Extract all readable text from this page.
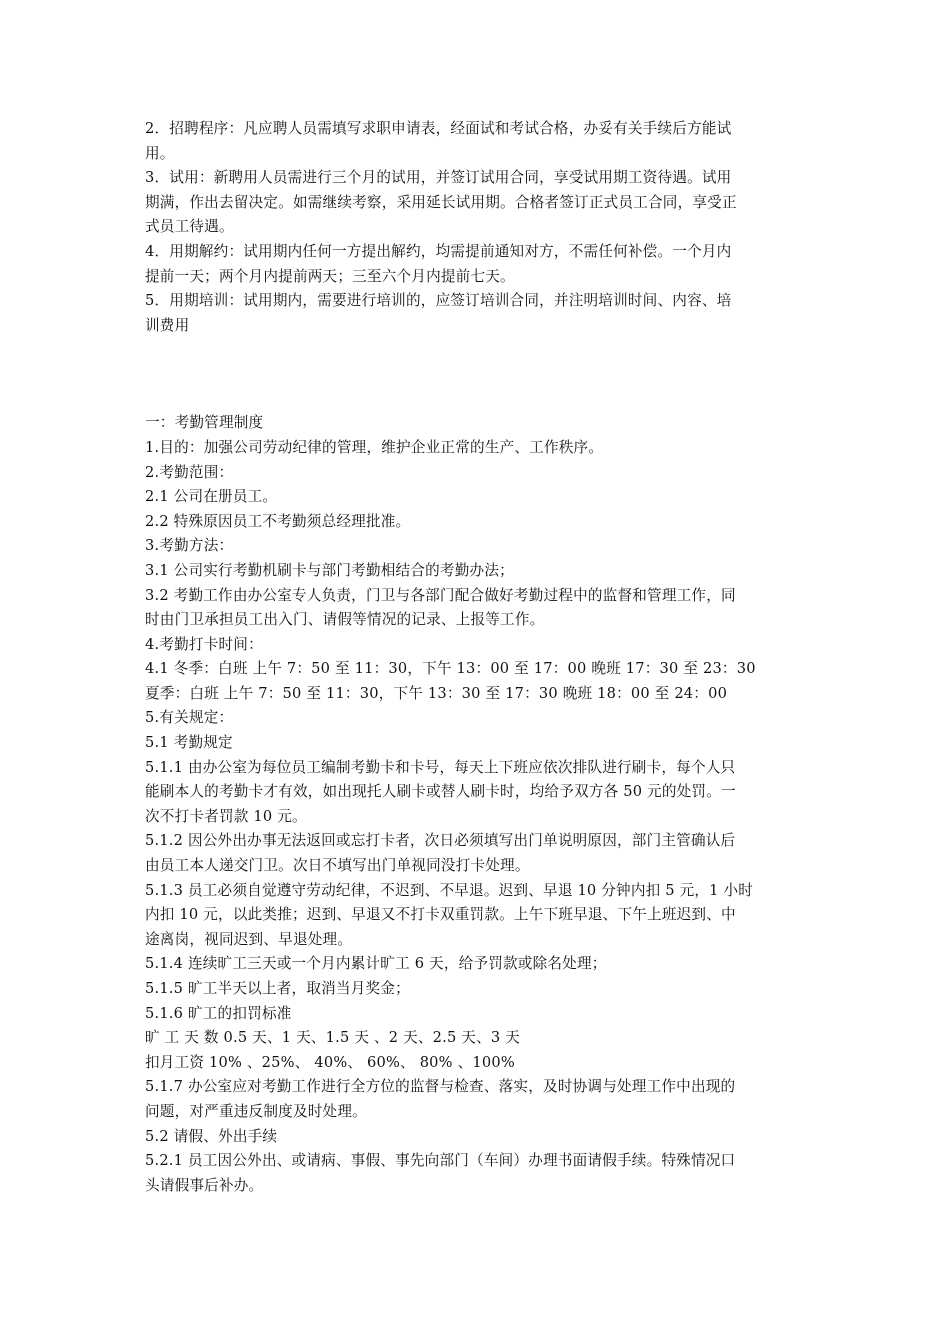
2．招聘程序：凡应聘人员需填写求职申请表，经面试和考试合格，办妥有关手续后方能试

用。

3．试用：新聘用人员需进行三个月的试用，并签订试用合同，享受试用期工资待遇。试用

期满，作出去留决定。如需继续考察，采用延长试用期。合格者签订正式员工合同，享受正

式员工待遇。

4．用期解约：试用期内任何一方提出解约，均需提前通知对方，不需任何补偿。一个月内

提前一天；两个月内提前两天；三至六个月内提前七天。

5．用期培训：试用期内，需要进行培训的，应签订培训合同，并注明培训时间、内容、培

训费用

一：考勤管理制度

1.目的：加强公司劳动纪律的管理，维护企业正常的生产、工作秩序。

2.考勤范围：

2.1 公司在册员工。

2.2 特殊原因员工不考勤须总经理批准。

3.考勤方法：

3.1 公司实行考勤机刷卡与部门考勤相结合的考勤办法；

3.2 考勤工作由办公室专人负责，门卫与各部门配合做好考勤过程中的监督和管理工作，同

时由门卫承担员工出入门、请假等情况的记录、上报等工作。

4.考勤打卡时间：

4.1 冬季：白班 上午 7：50 至 11：30，下午 13：00 至 17：00 晚班 17：30 至 23：30

夏季：白班 上午 7：50 至 11：30，下午 13：30 至 17：30 晚班 18：00 至 24：00

5.有关规定：

5.1 考勤规定

5.1.1 由办公室为每位员工编制考勤卡和卡号，每天上下班应依次排队进行刷卡，每个人只

能刷本人的考勤卡才有效，如出现托人刷卡或替人刷卡时，均给予双方各 50 元的处罚。一

次不打卡者罚款 10 元。

5.1.2 因公外出办事无法返回或忘打卡者，次日必须填写出门单说明原因，部门主管确认后

由员工本人递交门卫。次日不填写出门单视同没打卡处理。

5.1.3 员工必须自觉遵守劳动纪律，不迟到、不早退。迟到、早退 10 分钟内扣 5 元，1 小时

内扣 10 元，以此类推；迟到、早退又不打卡双重罚款。上午下班早退、下午上班迟到、中

途离岗，视同迟到、早退处理。

5.1.4 连续旷工三天或一个月内累计旷工 6 天，给予罚款或除名处理；

5.1.5 旷工半天以上者，取消当月奖金；

5.1.6 旷工的扣罚标准

旷 工 天 数 0.5 天、1 天、1.5 天 、2 天、2.5 天、3 天

扣月工资 10% 、25%、 40%、 60%、 80% 、100%

5.1.7 办公室应对考勤工作进行全方位的监督与检查、落实，及时协调与处理工作中出现的

问题，对严重违反制度及时处理。

5.2 请假、外出手续

5.2.1 员工因公外出、或请病、事假、事先向部门（车间）办理书面请假手续。特殊情况口

头请假事后补办。
